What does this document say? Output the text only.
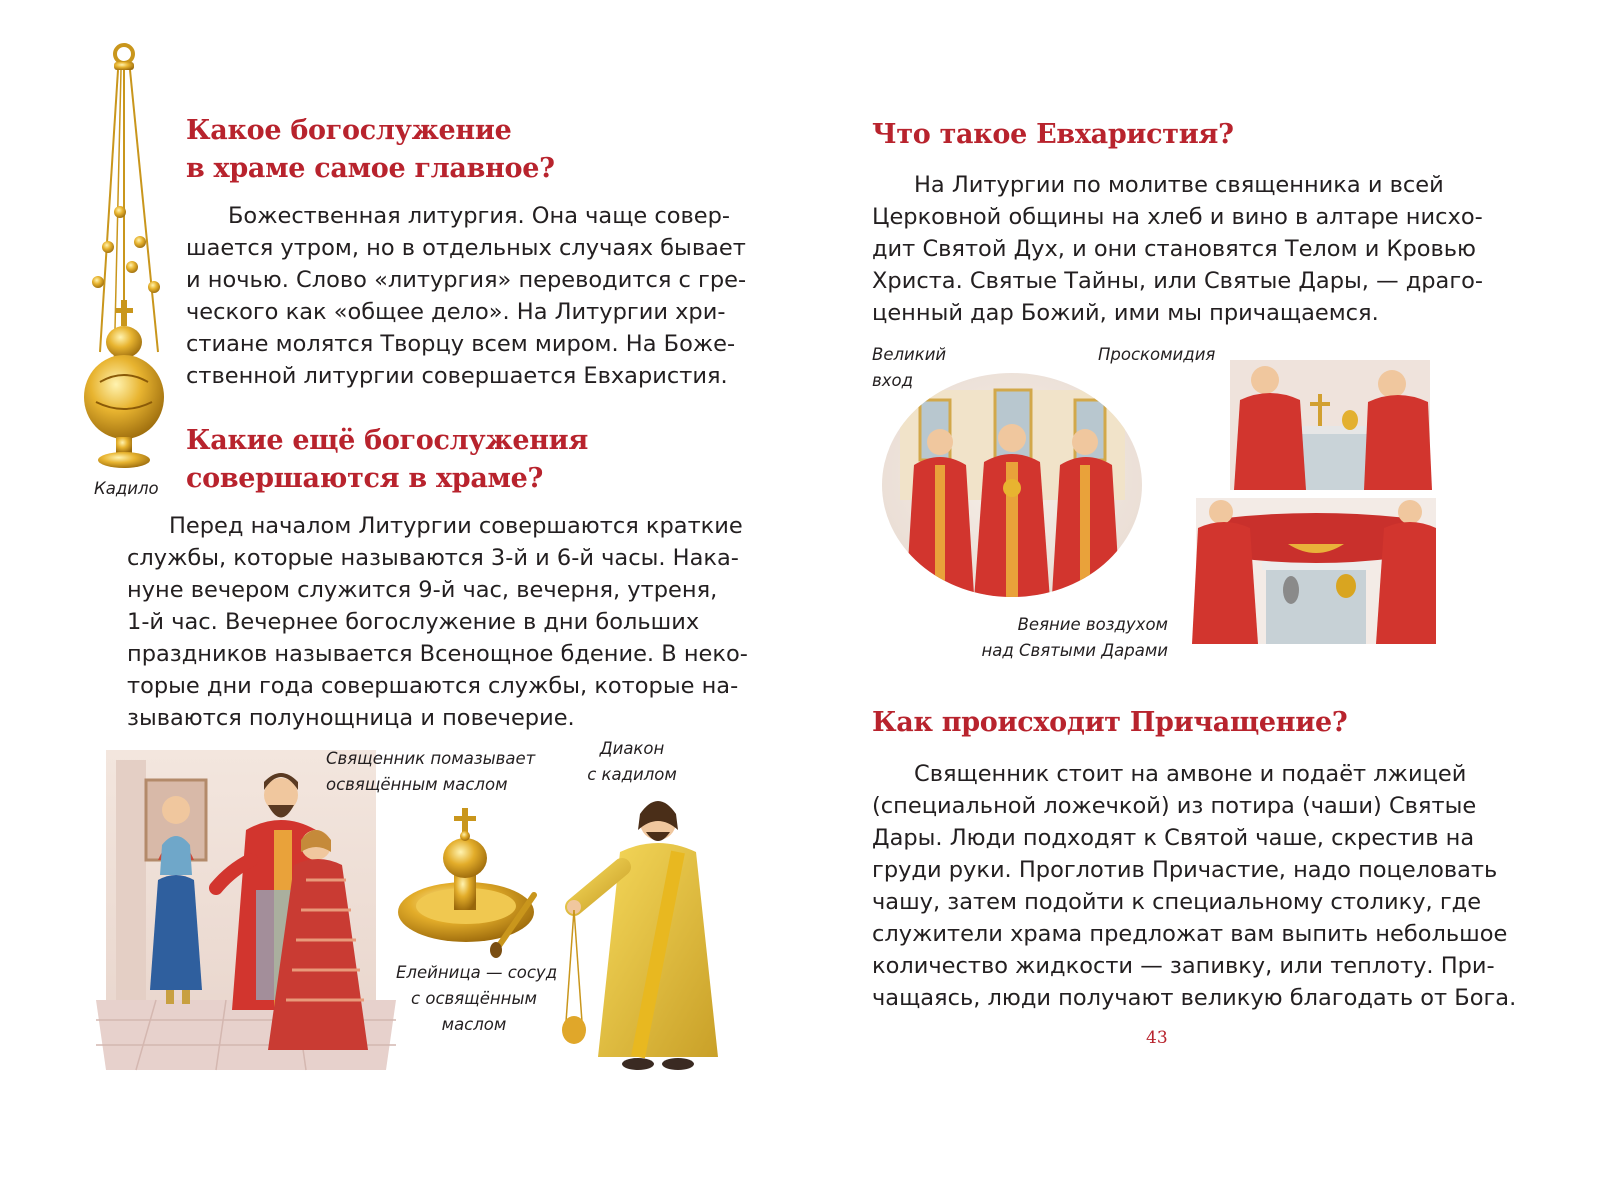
Кадило

Какое богослужение
в храме самое главное?
Божественная литургия. Она чаще совер-
шается утром, но в отдельных случаях бывает
и ночью. Слово «литургия» переводится с гре-
ческого как «общее дело». На Литургии хри-
стиане молятся Творцу всем миром. На Боже-
ственной литургии совершается Евхаристия.
Какие ещё богослужения
совершаются в храме?
Перед началом Литургии совершаются краткие
службы, которые называются 3-й и 6-й часы. Нака-
нуне вечером служится 9-й час, вечерня, утреня,
1-й час. Вечернее богослужение в дни больших
праздников называется Всенощное бдение. В неко-
торые дни года совершаются службы, которые на-
зываются полунощница и повечерие.

Священник помазывает
освящённым маслом

Елейница — сосуд
с освящённым
маслом

Диакон
с кадилом

Что такое Евхаристия?
На Литургии по молитве священника и всей
Церковной общины на хлеб и вино в алтаре нисхо-
дит Святой Дух, и они становятся Телом и Кровью
Христа. Святые Тайны, или Святые Дары, — драго-
ценный дар Божий, ими мы причащаемся.

Великий
вход

Проскомидия

Веяние воздухом
над Святыми Дарами

Как происходит Причащение?
Священник стоит на амвоне и подаёт лжицей
(специальной ложечкой) из потира (чаши) Святые
Дары. Люди подходят к Святой чаше, скрестив на
груди руки. Проглотив Причастие, надо поцеловать
чашу, затем подойти к специальному столику, где
служители храма предложат вам выпить небольшое
количество жидкости — запивку, или теплоту. При-
чащаясь, люди получают великую благодать от Бога.
43
